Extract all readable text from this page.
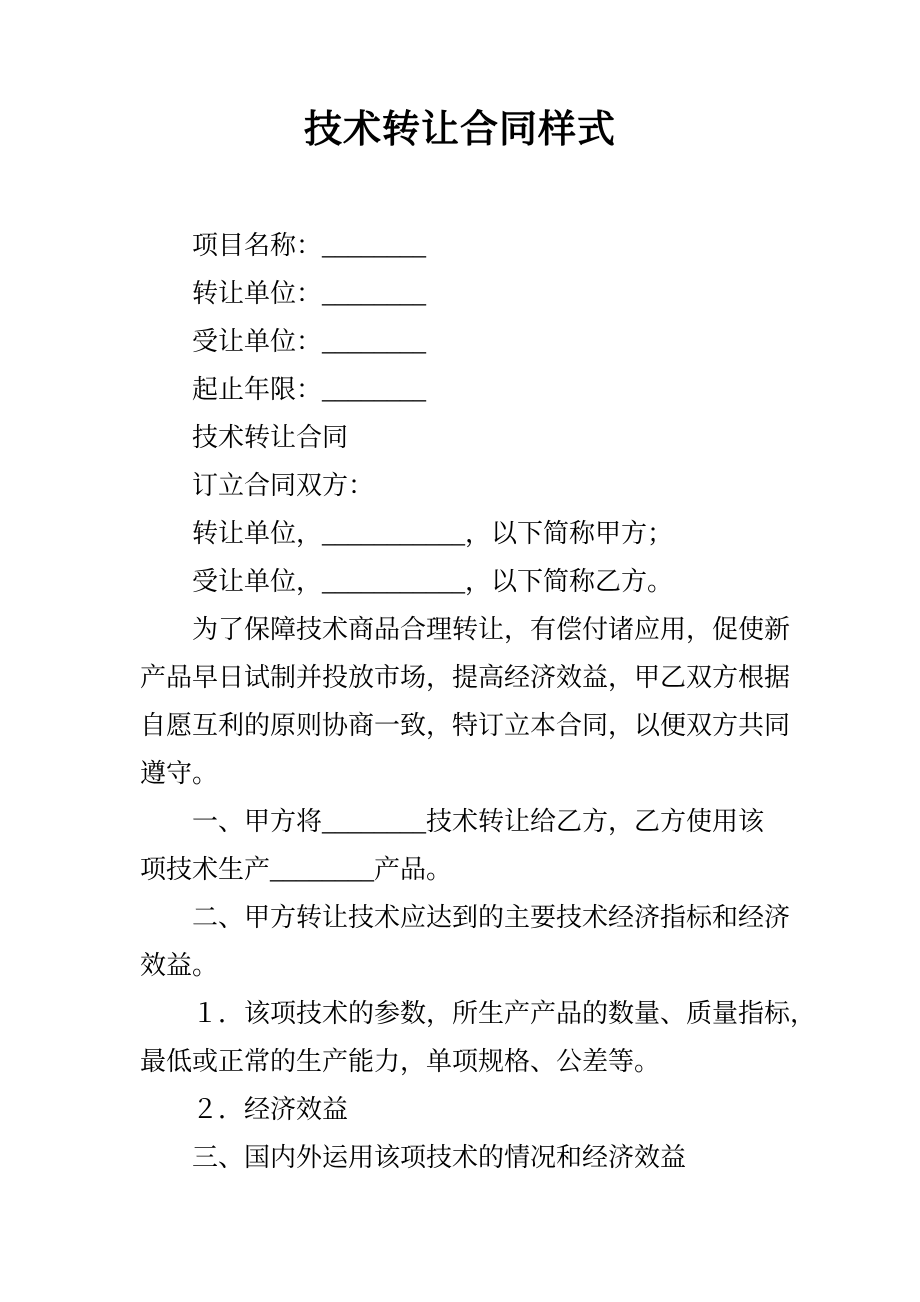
技术转让合同样式
项目名称：________
转让单位：________
受让单位：________
起止年限：________
技术转让合同
订立合同双方：
转让单位，___________，以下简称甲方；
受让单位，___________，以下简称乙方。
为了保障技术商品合理转让，有偿付诸应用，促使新
产品早日试制并投放市场，提高经济效益，甲乙双方根据
自愿互利的原则协商一致，特订立本合同，以便双方共同
遵守。
一、甲方将________技术转让给乙方，乙方使用该
项技术生产________产品。
二、甲方转让技术应达到的主要技术经济指标和经济
效益。
１．该项技术的参数，所生产产品的数量、质量指标，
最低或正常的生产能力，单项规格、公差等。
２．经济效益
三、国内外运用该项技术的情况和经济效益
